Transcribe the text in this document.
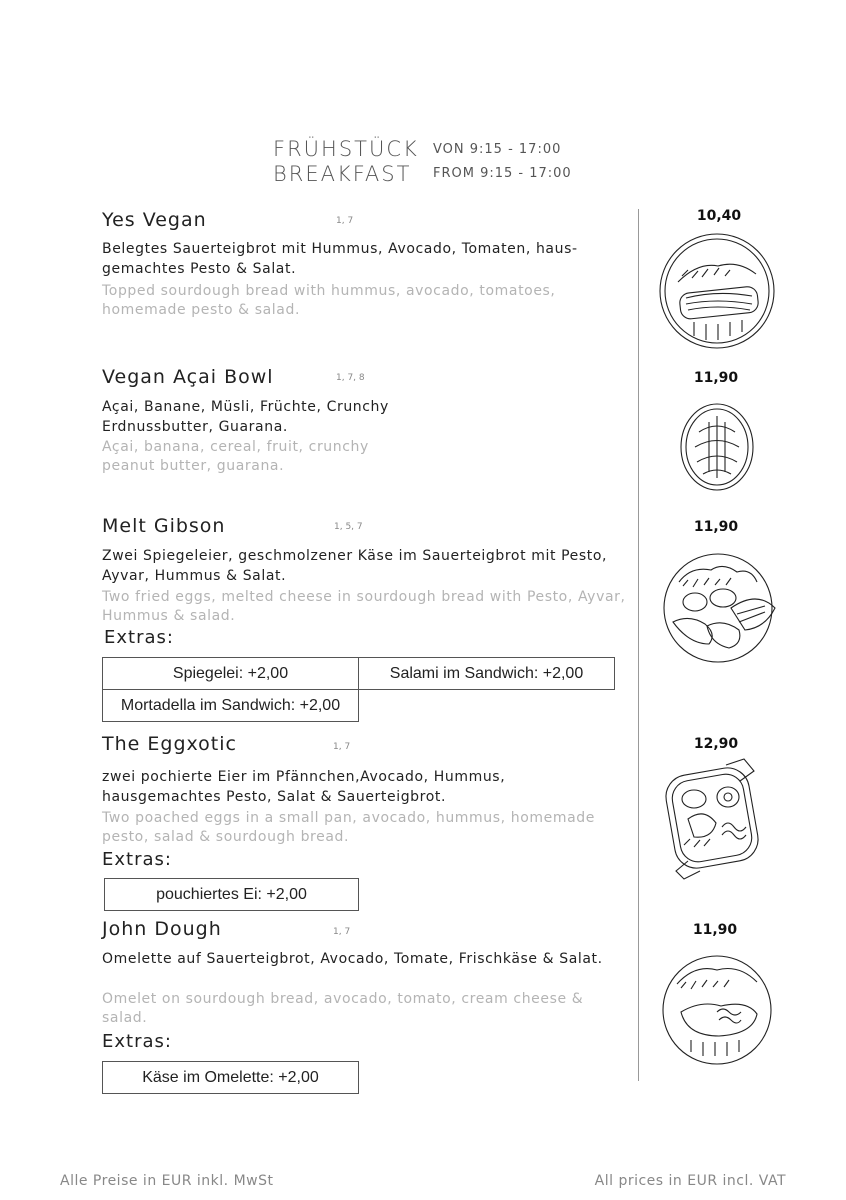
FRÜHSTÜCK
BREAKFAST
VON 9:15 - 17:00
FROM 9:15 - 17:00
Yes Vegan	1, 7
Belegtes Sauerteigbrot mit Hummus, Avocado, Tomaten, haus-gemachtes Pesto & Salat.
Topped sourdough bread with hummus, avocado, tomatoes, homemade pesto & salad.
Vegan Açai Bowl	1, 7, 8
Açai, Banane, Müsli, Früchte, Crunchy Erdnussbutter, Guarana.
Açai, banana, cereal, fruit, crunchy peanut butter, guarana.
Melt Gibson	1, 5, 7
Zwei Spiegeleier, geschmolzener Käse im Sauerteigbrot mit Pesto, Ayvar, Hummus & Salat.
Two fried eggs, melted cheese in sourdough bread with Pesto, Ayvar, Hummus & salad.
Extras:
Spiegelei: +2,00	Salami im Sandwich: +2,00
Mortadella im Sandwich: +2,00
The Eggxotic	1, 7
zwei pochierte Eier im Pfännchen,Avocado, Hummus, hausgemachtes Pesto, Salat & Sauerteigbrot.
Two poached eggs in a small pan, avocado, hummus, homemade pesto, salad & sourdough bread.
Extras:
pouchiertes Ei: +2,00
John Dough	1, 7
Omelette auf Sauerteigbrot, Avocado, Tomate, Frischkäse & Salat.
Omelet on sourdough bread, avocado, tomato, cream cheese & salad.
Extras:
Käse im Omelette: +2,00
10,40
11,90
11,90
12,90
11,90
Alle Preise in EUR inkl. MwSt	All prices in EUR incl. VAT
